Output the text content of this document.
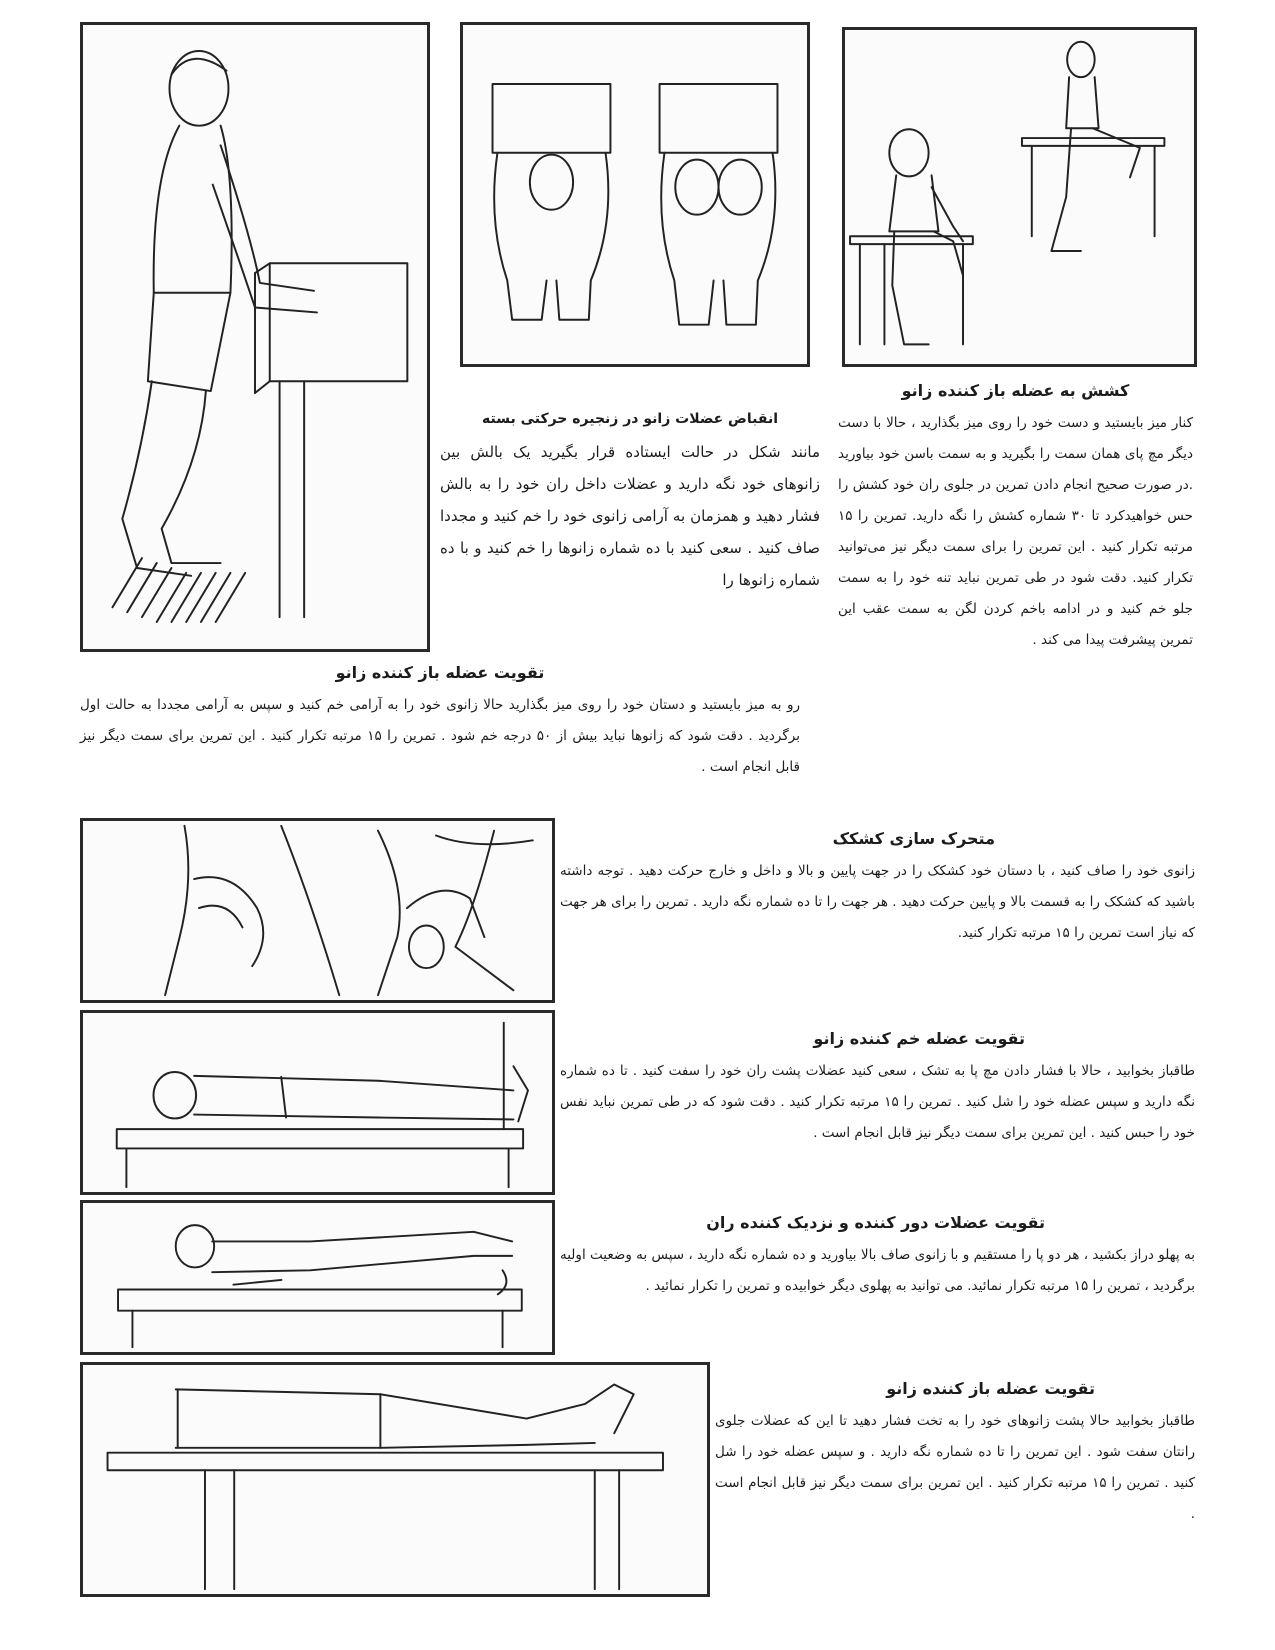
کشش به عضله باز کننده زانو

کنار میز بایستید و دست خود را روی میز بگذارید ، حالا با دست دیگر مچ پای همان سمت را بگیرید و به سمت باسن خود بیاورید .در صورت صحیح انجام دادن تمرین در جلوی ران خود کشش را حس خواهیدکرد تا ۳۰ شماره کشش را نگه دارید. تمرین را ۱۵ مرتبه تکرار کنید . این تمرین را برای سمت دیگر نیز می‌توانید تکرار کنید. دقت شود در طی تمرین نباید تنه خود را به سمت جلو خم کنید و در ادامه باخم کردن لگن به سمت عقب این تمرین پیشرفت پیدا می کند .

انقباض عضلات زانو در زنجیره حرکتی بسته

مانند شکل در حالت ایستاده قرار بگیرید یک بالش بین زانوهای خود نگه دارید و عضلات داخل ران خود را به بالش فشار دهید و همزمان به آرامی زانوی خود را خم کنید و مجددا صاف کنید . سعی کنید با ده شماره زانوها را خم کنید و با ده شماره زانوها را

تقویت عضله باز کننده زانو

رو به میز بایستید و دستان خود را روی میز بگذارید حالا زانوی خود را به آرامی خم کنید و سپس به آرامی مجددا به حالت اول برگردید . دقت شود که زانوها نباید بیش از ۵۰ درجه خم شود . تمرین را ۱۵ مرتبه تکرار کنید . این تمرین برای سمت دیگر نیز قابل انجام است .

متحرک سازی کشکک

زانوی خود را صاف کنید ، با دستان خود کشکک را در جهت پایین و بالا و داخل و خارج حرکت دهید . توجه داشته باشید که کشکک را به قسمت بالا و پایین حرکت دهید . هر جهت را تا ده شماره نگه دارید . تمرین را برای هر جهت که نیاز است تمرین را ۱۵ مرتبه تکرار کنید.

تقویت عضله خم کننده زانو

طاقباز بخوابید ، حالا با فشار دادن مچ پا به تشک ، سعی کنید عضلات پشت ران خود را سفت کنید . تا ده شماره نگه دارید و سپس عضله خود را شل کنید . تمرین را ۱۵ مرتبه تکرار کنید . دقت شود که در طی تمرین نباید نفس خود را حبس کنید . این تمرین برای سمت دیگر نیز قابل انجام است .

تقویت عضلات دور کننده و نزدیک کننده ران

به پهلو دراز بکشید ، هر دو پا را مستقیم و با زانوی صاف بالا بیاورید و ده شماره نگه دارید ، سپس به وضعیت اولیه برگردید ، تمرین را ۱۵ مرتبه تکرار نمائید. می توانید به پهلوی دیگر خوابیده و تمرین را تکرار نمائید .

تقویت عضله باز کننده زانو

طاقباز بخوابید حالا پشت زانوهای خود را به تخت فشار دهید تا این که عضلات جلوی رانتان سفت شود . این تمرین را تا ده شماره نگه دارید . و سپس عضله خود را شل کنید . تمرین را ۱۵ مرتبه تکرار کنید . این تمرین برای سمت دیگر نیز قابل انجام است .
